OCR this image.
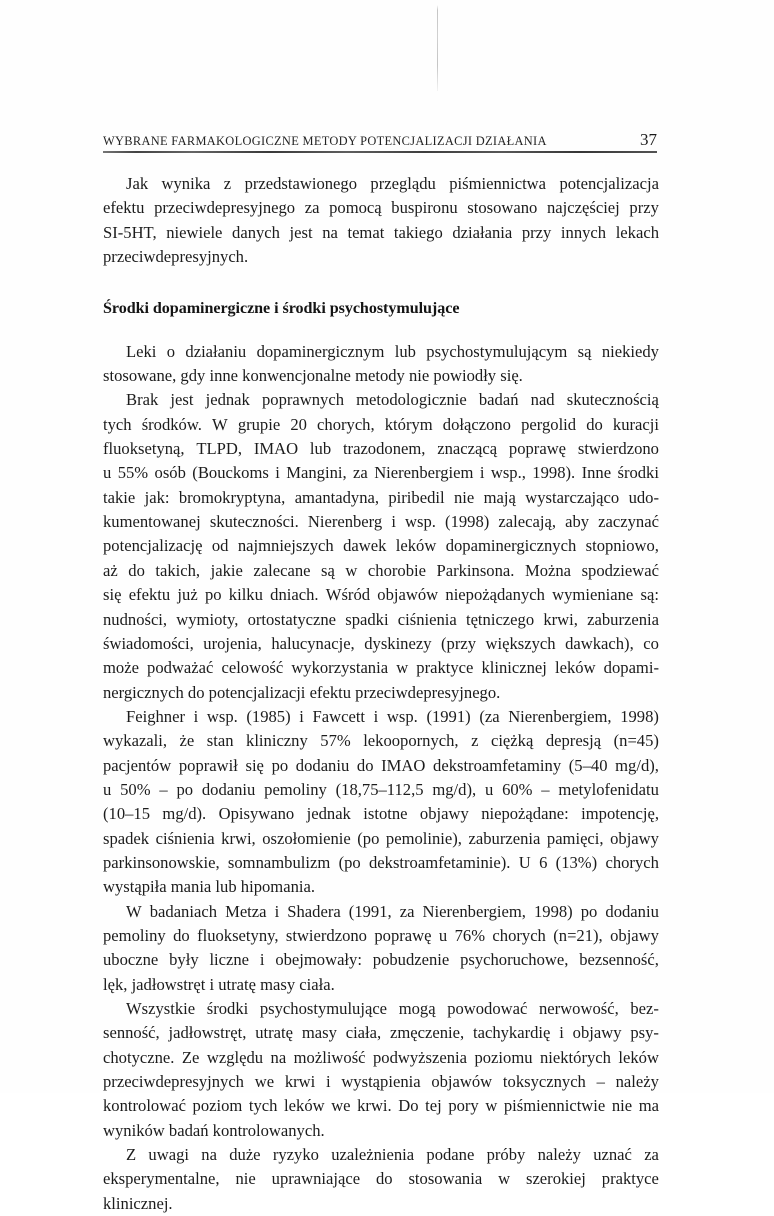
WYBRANE FARMAKOLOGICZNE METODY POTENCJALIZACJI DZIAŁANIA	37
Jak wynika z przedstawionego przeglądu piśmiennictwa potencjalizacja
efektu przeciwdepresyjnego za pomocą buspironu stosowano najczęściej przy
SI-5HT, niewiele danych jest na temat takiego działania przy innych lekach
przeciwdepresyjnych.
Środki dopaminergiczne i środki psychostymulujące
Leki o działaniu dopaminergicznym lub psychostymulującym są niekiedy
stosowane, gdy inne konwencjonalne metody nie powiodły się.
Brak jest jednak poprawnych metodologicznie badań nad skutecznością
tych środków. W grupie 20 chorych, którym dołączono pergolid do kuracji
fluoksetyną, TLPD, IMAO lub trazodonem, znaczącą poprawę stwierdzono
u 55% osób (Bouckoms i Mangini, za Nierenbergiem i wsp., 1998). Inne środki
takie jak: bromokryptyna, amantadyna, piribedil nie mają wystarczająco udo-
kumentowanej skuteczności. Nierenberg i wsp. (1998) zalecają, aby zaczynać
potencjalizację od najmniejszych dawek leków dopaminergicznych stopniowo,
aż do takich, jakie zalecane są w chorobie Parkinsona. Można spodziewać
się efektu już po kilku dniach. Wśród objawów niepożądanych wymieniane są:
nudności, wymioty, ortostatyczne spadki ciśnienia tętniczego krwi, zaburzenia
świadomości, urojenia, halucynacje, dyskinezy (przy większych dawkach), co
może podważać celowość wykorzystania w praktyce klinicznej leków dopami-
nergicznych do potencjalizacji efektu przeciwdepresyjnego.
Feighner i wsp. (1985) i Fawcett i wsp. (1991) (za Nierenbergiem, 1998)
wykazali, że stan kliniczny 57% lekoopornych, z ciężką depresją (n=45)
pacjentów poprawił się po dodaniu do IMAO dekstroamfetaminy (5–40 mg/d),
u 50% – po dodaniu pemoliny (18,75–112,5 mg/d), u 60% – metylofenidatu
(10–15 mg/d). Opisywano jednak istotne objawy niepożądane: impotencję,
spadek ciśnienia krwi, oszołomienie (po pemolinie), zaburzenia pamięci, objawy
parkinsonowskie, somnambulizm (po dekstroamfetaminie). U 6 (13%) chorych
wystąpiła mania lub hipomania.
W badaniach Metza i Shadera (1991, za Nierenbergiem, 1998) po dodaniu
pemoliny do fluoksetyny, stwierdzono poprawę u 76% chorych (n=21), objawy
uboczne były liczne i obejmowały: pobudzenie psychoruchowe, bezsenność,
lęk, jadłowstręt i utratę masy ciała.
Wszystkie środki psychostymulujące mogą powodować nerwowość, bez-
senność, jadłowstręt, utratę masy ciała, zmęczenie, tachykardię i objawy psy-
chotyczne. Ze względu na możliwość podwyższenia poziomu niektórych leków
przeciwdepresyjnych we krwi i wystąpienia objawów toksycznych – należy
kontrolować poziom tych leków we krwi. Do tej pory w piśmiennictwie nie ma
wyników badań kontrolowanych.
Z uwagi na duże ryzyko uzależnienia podane próby należy uznać za
eksperymentalne, nie uprawniające do stosowania w szerokiej praktyce
klinicznej.
